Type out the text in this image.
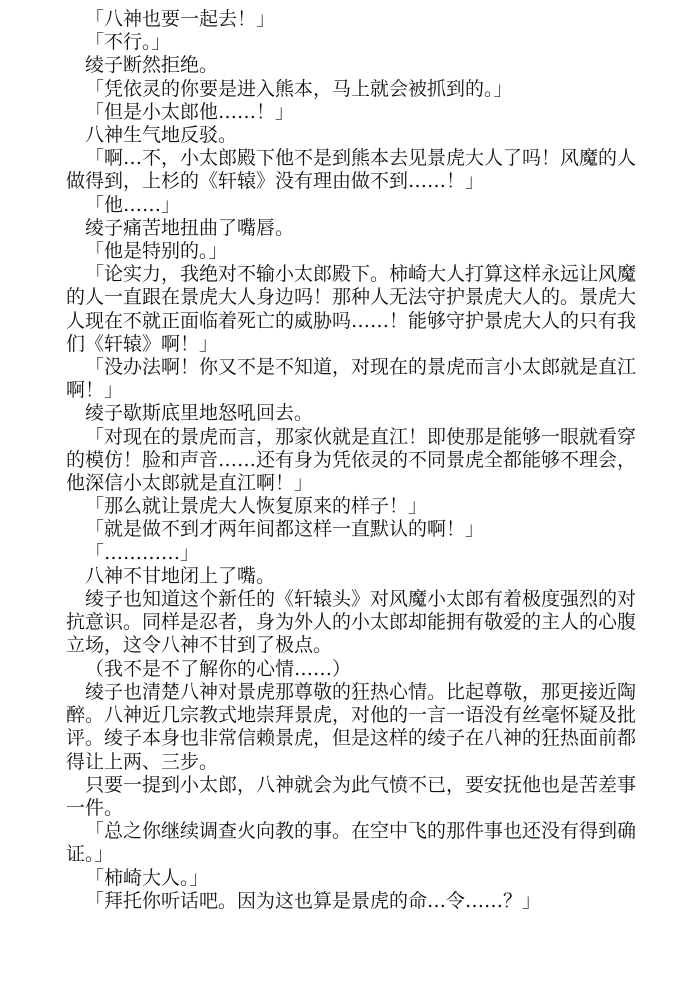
「八神也要一起去！」

「不行。」

绫子断然拒绝。

「凭依灵的你要是进入熊本，马上就会被抓到的。」

「但是小太郎他……！」

八神生气地反驳。

「啊…不，小太郎殿下他不是到熊本去见景虎大人了吗！风魔的人做得到，上杉的《轩辕》没有理由做不到……！」

「他……」

绫子痛苦地扭曲了嘴唇。

「他是特别的。」

「论实力，我绝对不输小太郎殿下。柿崎大人打算这样永远让风魔的人一直跟在景虎大人身边吗！那种人无法守护景虎大人的。景虎大人现在不就正面临着死亡的威胁吗……！能够守护景虎大人的只有我们《轩辕》啊！」

「没办法啊！你又不是不知道，对现在的景虎而言小太郎就是直江啊！」

绫子歇斯底里地怒吼回去。

「对现在的景虎而言，那家伙就是直江！即使那是能够一眼就看穿的模仿！脸和声音……还有身为凭依灵的不同景虎全都能够不理会，他深信小太郎就是直江啊！」

「那么就让景虎大人恢复原来的样子！」

「就是做不到才两年间都这样一直默认的啊！」

「…………」

八神不甘地闭上了嘴。

绫子也知道这个新任的《轩辕头》对风魔小太郎有着极度强烈的对抗意识。同样是忍者，身为外人的小太郎却能拥有敬爱的主人的心腹立场，这令八神不甘到了极点。

（我不是不了解你的心情……）

绫子也清楚八神对景虎那尊敬的狂热心情。比起尊敬，那更接近陶醉。八神近几宗教式地崇拜景虎，对他的一言一语没有丝毫怀疑及批评。绫子本身也非常信赖景虎，但是这样的绫子在八神的狂热面前都得让上两、三步。

只要一提到小太郎，八神就会为此气愤不已，要安抚他也是苦差事一件。

「总之你继续调查火向教的事。在空中飞的那件事也还没有得到确证。」

「柿崎大人。」

「拜托你听话吧。因为这也算是景虎的命…令……？」
